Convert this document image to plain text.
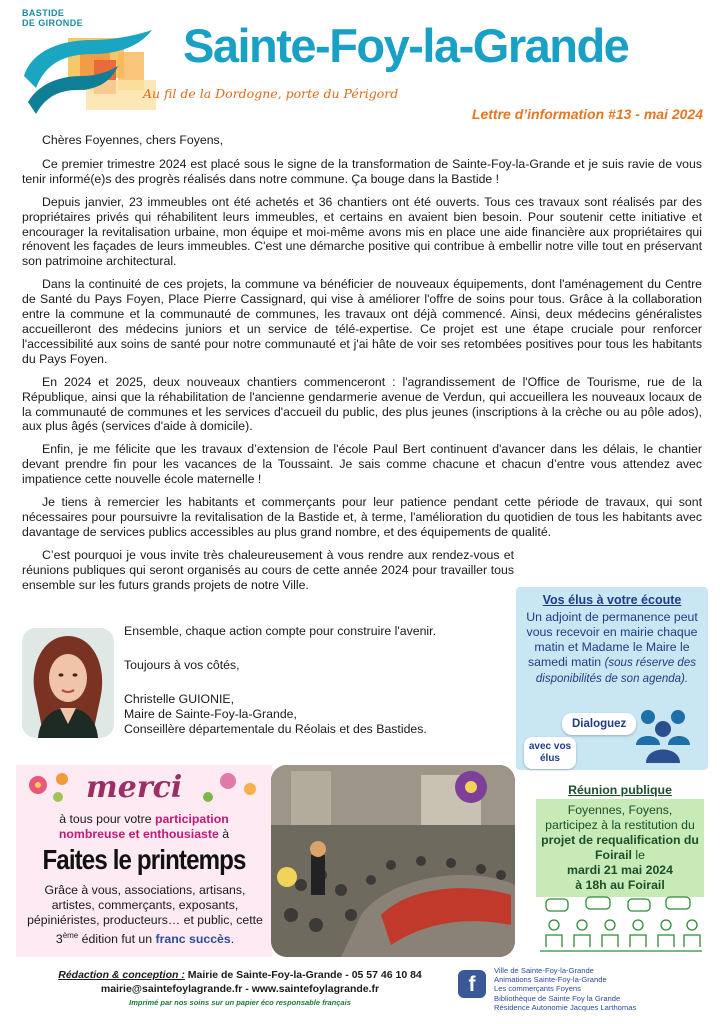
BASTIDE
DE GIRONDE Sainte-Foy-la-Grande
Au fil de la Dordogne, porte du Périgord
Lettre d’information #13 - mai 2024

Chères Foyennes, chers Foyens,

Ce premier trimestre 2024 est placé sous le signe de la transformation de Sainte-Foy-la-Grande et je suis ravie de vous tenir informé(e)s des progrès réalisés dans notre commune. Ça bouge dans la Bastide !

Depuis janvier, 23 immeubles ont été achetés et 36 chantiers ont été ouverts. Tous ces travaux sont réalisés par des propriétaires privés qui réhabilitent leurs immeubles, et certains en avaient bien besoin. Pour soutenir cette initiative et encourager la revitalisation urbaine, mon équipe et moi-même avons mis en place une aide financière aux propriétaires qui rénovent les façades de leurs immeubles. C'est une démarche positive qui contribue à embellir notre ville tout en préservant son patrimoine architectural.

Dans la continuité de ces projets, la commune va bénéficier de nouveaux équipements, dont l'aménagement du Centre de Santé du Pays Foyen, Place Pierre Cassignard, qui vise à améliorer l'offre de soins pour tous. Grâce à la collaboration entre la commune et la communauté de communes, les travaux ont déjà commencé. Ainsi, deux médecins généralistes accueilleront des médecins juniors et un service de télé-expertise. Ce projet est une étape cruciale pour renforcer l'accessibilité aux soins de santé pour notre communauté et j'ai hâte de voir ses retombées positives pour tous les habitants du Pays Foyen.

En 2024 et 2025, deux nouveaux chantiers commenceront : l'agrandissement de l'Office de Tourisme, rue de la République, ainsi que la réhabilitation de l'ancienne gendarmerie avenue de Verdun, qui accueillera les nouveaux locaux de la communauté de communes et les services d'accueil du public, des plus jeunes (inscriptions à la crèche ou au pôle ados), aux plus âgés (services d'aide à domicile).

Enfin, je me félicite que les travaux d’extension de l'école Paul Bert continuent d'avancer dans les délais, le chantier devant prendre fin pour les vacances de la Toussaint. Je sais comme chacune et chacun d’entre vous attendez avec impatience cette nouvelle école maternelle !

Je tiens à remercier les habitants et commerçants pour leur patience pendant cette période de travaux, qui sont nécessaires pour poursuivre la revitalisation de la Bastide et, à terme, l'amélioration du quotidien de tous les habitants avec davantage de services publics accessibles au plus grand nombre, et des équipements de qualité.

C’est pourquoi je vous invite très chaleureusement à vous rendre aux rendez-vous et réunions publiques qui seront organisés au cours de cette année 2024 pour travailler tous ensemble sur les futurs grands projets de notre Ville.

Ensemble, chaque action compte pour construire l'avenir.
Toujours à vos côtés,
Christelle GUIONIE,
Maire de Sainte-Foy-la-Grande,
Conseillère départementale du Réolais et des Bastides.
Vos élus à votre écoute
Un adjoint de permanence peut vous recevoir en mairie chaque matin et Madame le Maire le samedi matin (sous réserve des disponibilités de son agenda).
Dialoguez
avec vos élus
merci
à tous pour votre participation
nombreuse et enthousiaste à
Faites le printemps
Grâce à vous, associations, artisans, artistes, commerçants, exposants, pépiniéristes, producteurs… et public, cette 3ème édition fut un franc succès.
Réunion publique
Foyennes, Foyens, participez à la restitution du projet de requalification du Foirail le
mardi 21 mai 2024
à 18h au Foirail
Rédaction & conception : Mairie de Sainte-Foy-la-Grande - 05 57 46 10 84
mairie@saintefoylagrande.fr - www.saintefoylagrande.fr
Imprimé par nos soins sur un papier éco responsable français
f
Ville de Sainte-Foy-la-Grande
Animations Sainte-Foy-la-Grande
Les commerçants Foyens
Bibliothèque de Sainte Foy la Grande
Résidence Autonomie Jacques Larthomas
